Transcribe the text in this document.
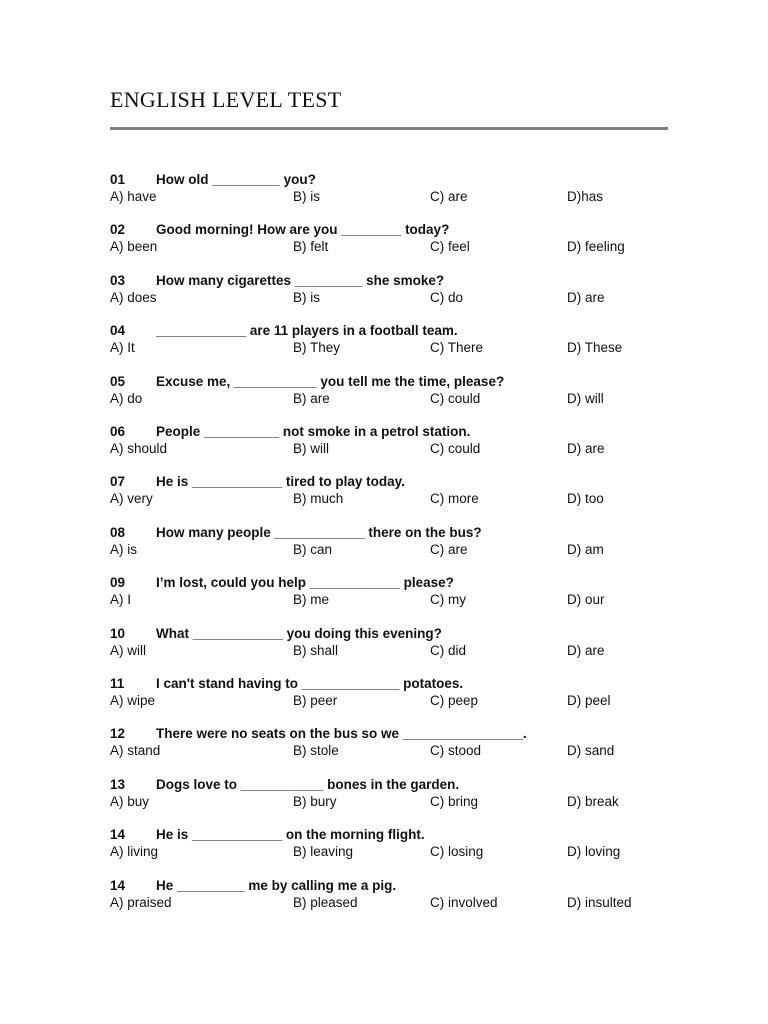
ENGLISH LEVEL TEST
01 How old _________ you?
A) have	B) is	C) are	D)has
02 Good morning! How are you ________ today?
A) been	B) felt	C) feel	D) feeling
03 How many cigarettes _________ she smoke?
A) does	B) is	C) do	D) are
04 ____________ are 11 players in a football team.
A) It	B) They	C) There	D) These
05 Excuse me, ___________ you tell me the time, please?
A) do	B) are	C) could	D) will
06 People __________ not smoke in a petrol station.
A) should	B) will	C) could	D) are
07 He is ____________ tired to play today.
A) very	B) much	C) more	D) too
08 How many people ____________ there on the bus?
A) is	B) can	C) are	D) am
09 I’m lost, could you help ____________ please?
A) I	B) me	C) my	D) our
10 What ____________ you doing this evening?
A) will	B) shall	C) did	D) are
11 I can't stand having to _____________ potatoes.
A) wipe	B) peer	C) peep	D) peel
12 There were no seats on the bus so we ________________.
A) stand	B) stole	C) stood	D) sand
13 Dogs love to ___________ bones in the garden.
A) buy	B) bury	C) bring	D) break
14 He is ____________ on the morning flight.
A) living	B) leaving	C) losing	D) loving
14 He _________ me by calling me a pig.
A) praised	B) pleased	C) involved	D) insulted
